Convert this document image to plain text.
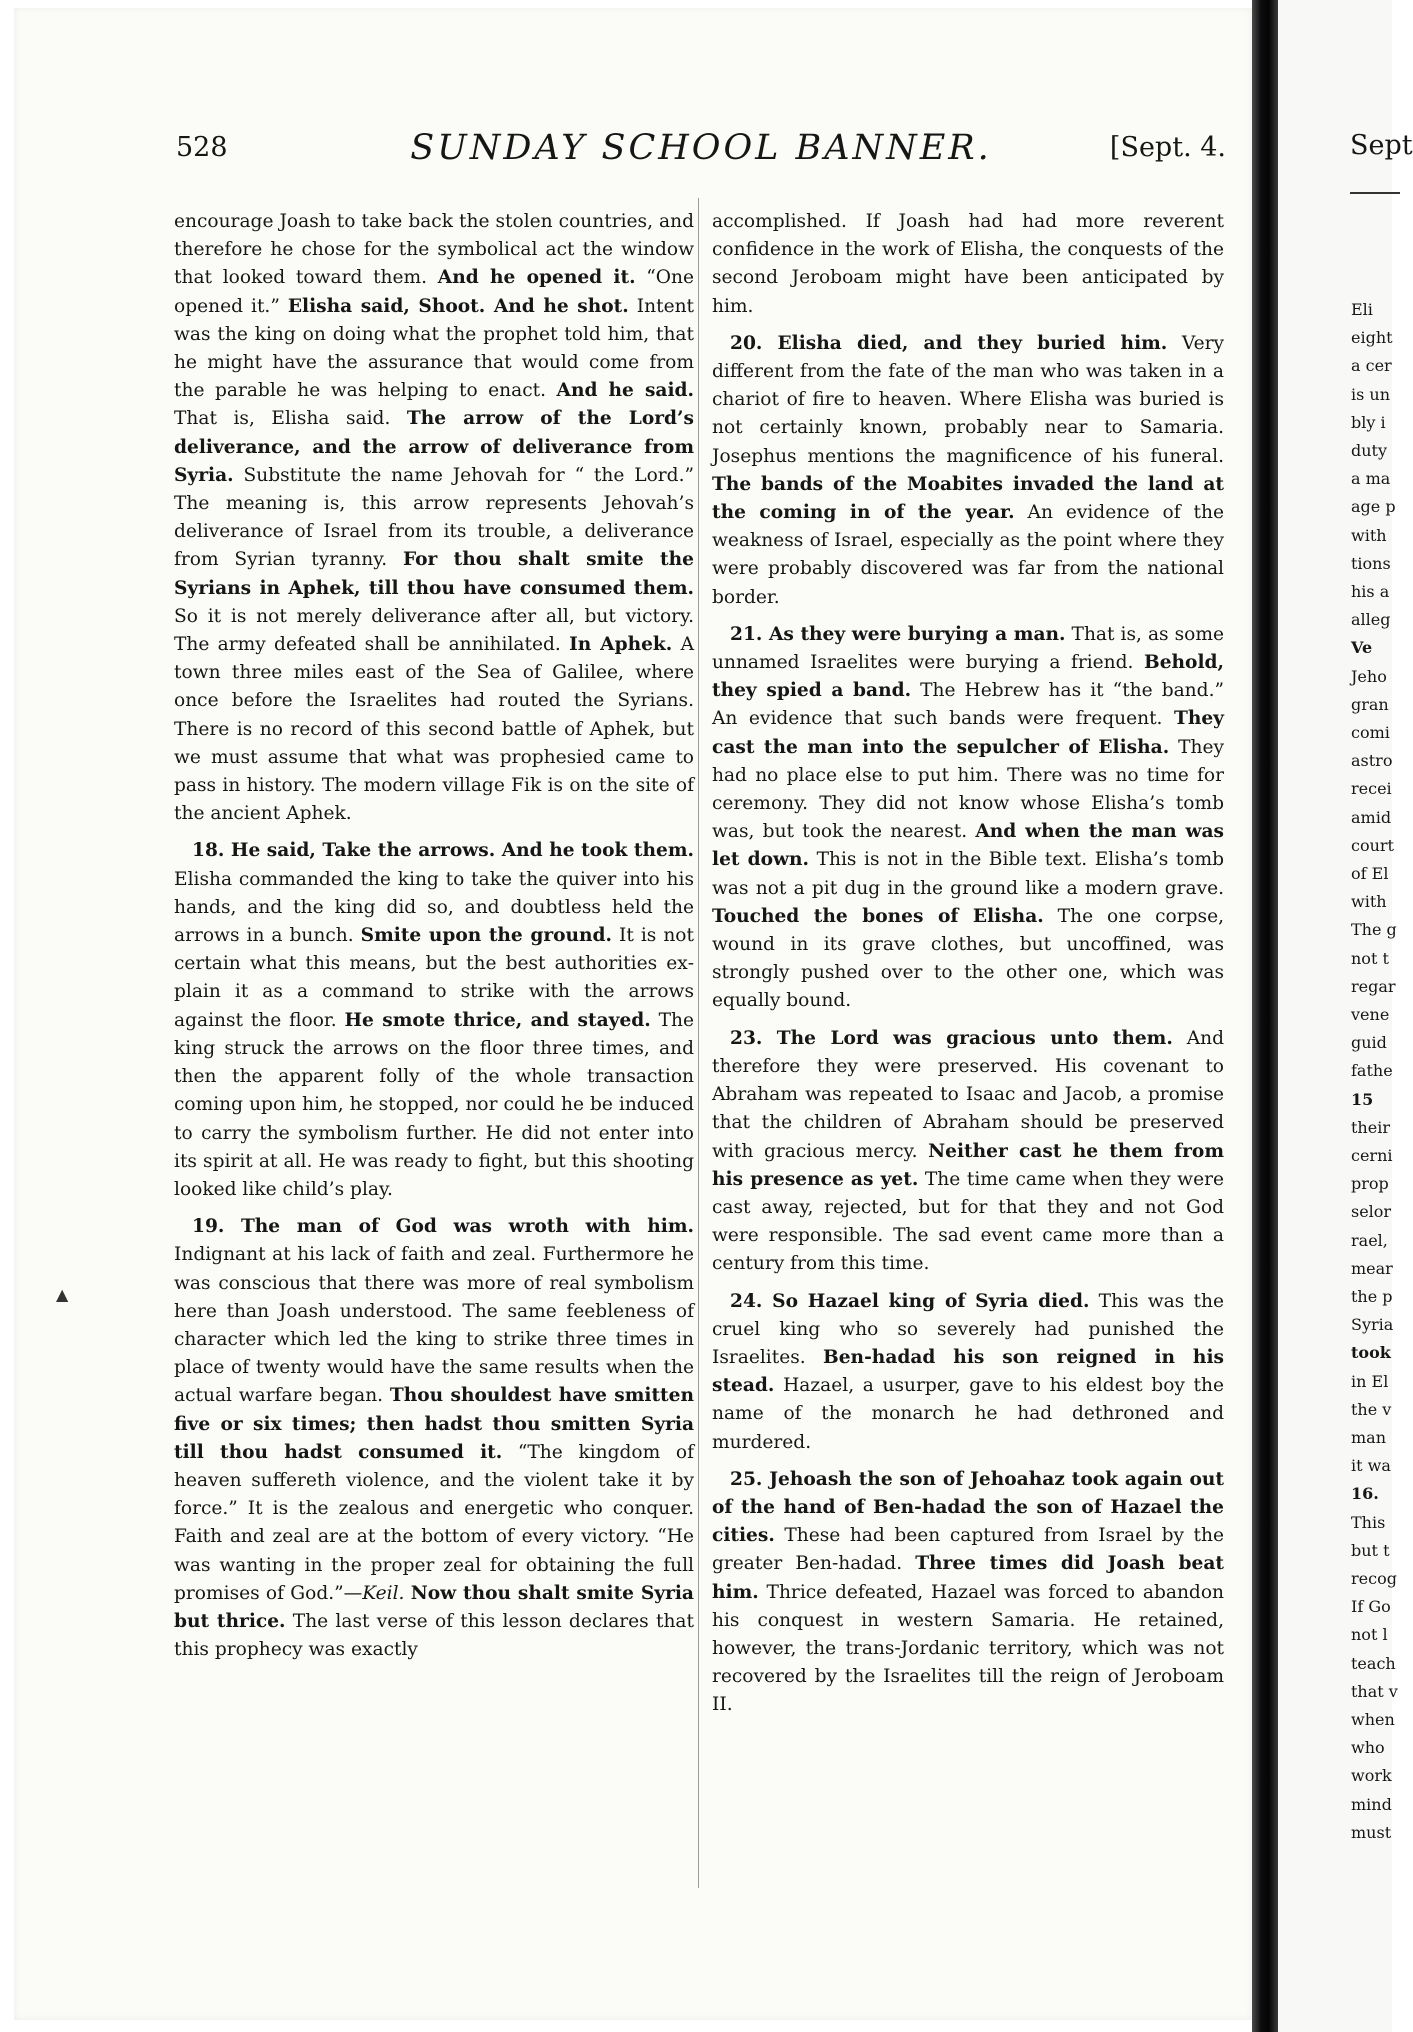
528	SUNDAY SCHOOL BANNER.	[Sept. 4.

encourage Joash to take back the stolen countries, and therefore he chose for the symbolical act the window that looked toward them. And he opened it. “One opened it.” Elisha said, Shoot. And he shot. Intent was the king on doing what the prophet told him, that he might have the assurance that would come from the parable he was helping to enact. And he said. That is, Elisha said. The arrow of the Lord’s deliverance, and the arrow of deliverance from Syria. Substitute the name Jehovah for “ the Lord.” The meaning is, this arrow represents Jehovah’s deliverance of Israel from its trouble, a deliverance from Syrian tyranny. For thou shalt smite the Syrians in Aphek, till thou have consumed them. So it is not merely deliverance after all, but victory. The army defeated shall be annihilated. In Aphek. A town three miles east of the Sea of Galilee, where once before the Israelites had routed the Syrians. There is no record of this second battle of Aphek, but we must assume that what was prophesied came to pass in history. The modern village Fik is on the site of the ancient Aphek.

18. He said, Take the arrows. And he took them. Elisha commanded the king to take the quiver into his hands, and the king did so, and doubtless held the arrows in a bunch. Smite upon the ground. It is not certain what this means, but the best authorities explain it as a command to strike with the arrows against the floor. He smote thrice, and stayed. The king struck the arrows on the floor three times, and then the apparent folly of the whole transaction coming upon him, he stopped, nor could he be induced to carry the symbolism further. He did not enter into its spirit at all. He was ready to fight, but this shooting looked like child’s play.

19. The man of God was wroth with him. Indignant at his lack of faith and zeal. Furthermore he was conscious that there was more of real symbolism here than Joash understood. The same feebleness of character which led the king to strike three times in place of twenty would have the same results when the actual warfare began. Thou shouldest have smitten five or six times; then hadst thou smitten Syria till thou hadst consumed it. “The kingdom of heaven suffereth violence, and the violent take it by force.” It is the zealous and energetic who conquer. Faith and zeal are at the bottom of every victory. “He was wanting in the proper zeal for obtaining the full promises of God.”—Keil. Now thou shalt smite Syria but thrice. The last verse of this lesson declares that this prophecy was exactly

accomplished. If Joash had had more reverent confidence in the work of Elisha, the conquests of the second Jeroboam might have been anticipated by him.

20. Elisha died, and they buried him. Very different from the fate of the man who was taken in a chariot of fire to heaven. Where Elisha was buried is not certainly known, probably near to Samaria. Josephus mentions the magnificence of his funeral. The bands of the Moabites invaded the land at the coming in of the year. An evidence of the weakness of Israel, especially as the point where they were probably discovered was far from the national border.

21. As they were burying a man. That is, as some unnamed Israelites were burying a friend. Behold, they spied a band. The Hebrew has it “the band.” An evidence that such bands were frequent. They cast the man into the sepulcher of Elisha. They had no place else to put him. There was no time for ceremony. They did not know whose Elisha’s tomb was, but took the nearest. And when the man was let down. This is not in the Bible text. Elisha’s tomb was not a pit dug in the ground like a modern grave. Touched the bones of Elisha. The one corpse, wound in its grave clothes, but uncoffined, was strongly pushed over to the other one, which was equally bound.

23. The Lord was gracious unto them. And therefore they were preserved. His covenant to Abraham was repeated to Isaac and Jacob, a promise that the children of Abraham should be preserved with gracious mercy. Neither cast he them from his presence as yet. The time came when they were cast away, rejected, but for that they and not God were responsible. The sad event came more than a century from this time.

24. So Hazael king of Syria died. This was the cruel king who so severely had punished the Israelites. Ben-hadad his son reigned in his stead. Hazael, a usurper, gave to his eldest boy the name of the monarch he had dethroned and murdered.

25. Jehoash the son of Jehoahaz took again out of the hand of Ben-hadad the son of Hazael the cities. These had been captured from Israel by the greater Ben-hadad. Three times did Joash beat him. Thrice defeated, Hazael was forced to abandon his conquest in western Samaria. He retained, however, the trans-Jordanic territory, which was not recovered by the Israelites till the reign of Jeroboam II.

▲
Sept
Eli
eight
a cer
is un
bly i
duty
a ma
age p
with
tions
his a
alleg
Ve
Jeho
gran
comi
astro
recei
amid
court
of El
with
The g
not t
regar
vene
guid
fathe
15
their
cerni
prop
selor
rael,
mear
the p
Syria
took
in El
the v
man
it wa
16.
This
but t
recog
If Go
not l
teach
that v
when
who
work
mind
must
